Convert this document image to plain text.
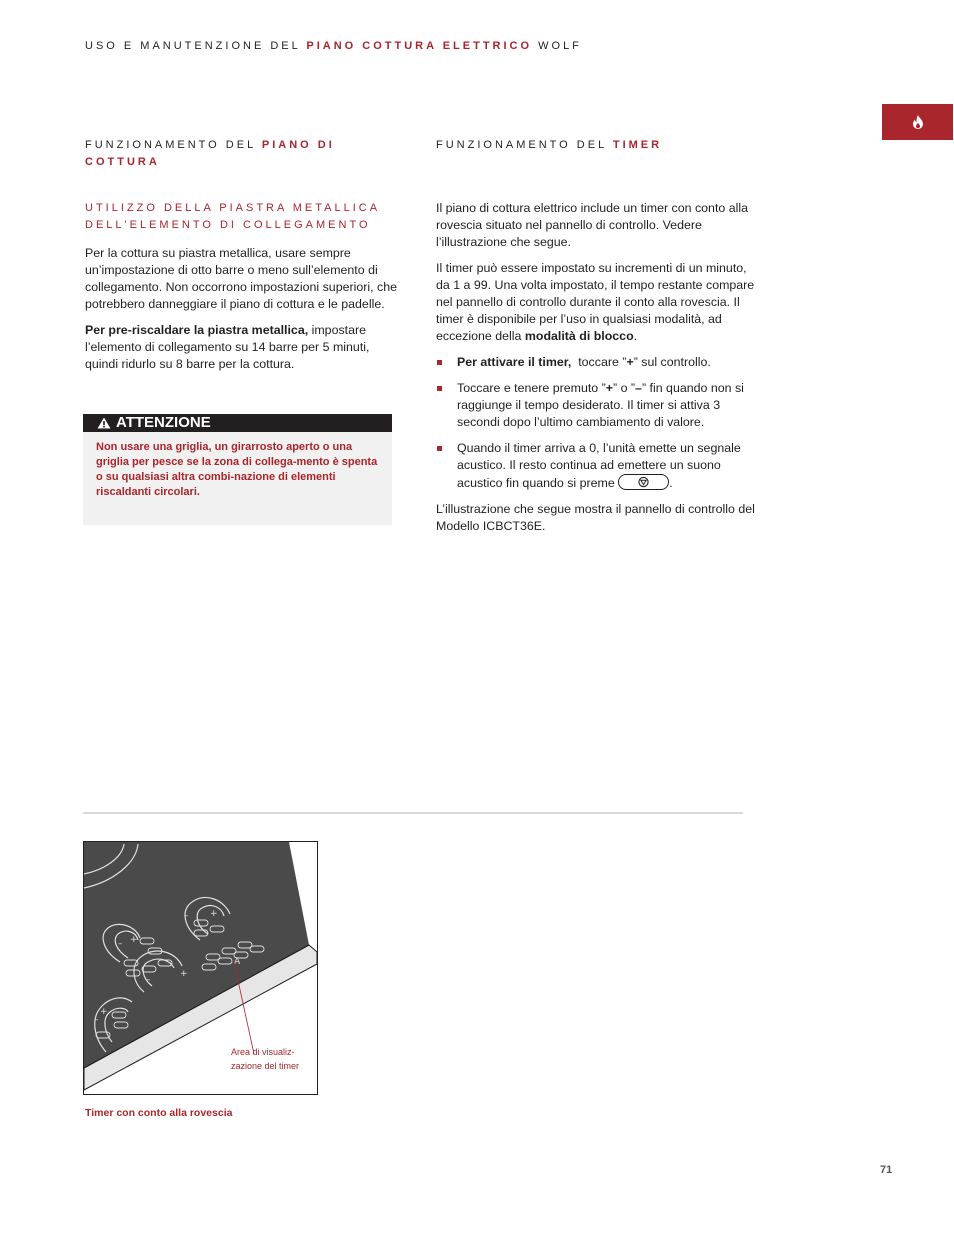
USO E MANUTENZIONE DEL PIANO COTTURA ELETTRICO WOLF
FUNZIONAMENTO DEL PIANO DI
COTTURA
UTILIZZO DELLA PIASTRA METALLICA
DELL'ELEMENTO DI COLLEGAMENTO

Per la cottura su piastra metallica, usare sempre un’impostazione di otto barre o meno sull’elemento di collegamento. Non occorrono impostazioni superiori, che potrebbero danneggiare il piano di cottura e le padelle.

Per pre-riscaldare la piastra metallica, impostare l’elemento di collegamento su 14 barre per 5 minuti, quindi ridurlo su 8 barre per la cottura.

ATTENZIONE
Non usare una griglia, un girarrosto aperto o una griglia per pesce se la zona di collega-mento è spenta o su qualsiasi altra combi-nazione di elementi riscaldanti circolari.
FUNZIONAMENTO DEL TIMER

Il piano di cottura elettrico include un timer con conto alla rovescia situato nel pannello di controllo. Vedere l’illustrazione che segue.

Il timer può essere impostato su incrementi di un minuto, da 1 a 99. Una volta impostato, il tempo restante compare nel pannello di controllo durante il conto alla rovescia. Il timer è disponibile per l’uso in qualsiasi modalità, ad eccezione della modalità di blocco.

Per attivare il timer,  toccare ”+” sul controllo.
Toccare e tenere premuto ”+” o ”–” fin quando non si raggiunge il tempo desiderato. Il timer si attiva 3 secondi dopo l’ultimo cambiamento di valore.
Quando il timer arriva a 0, l’unità emette un segnale acustico. Il resto continua ad emettere un suono acustico fin quando si preme	.

L’illustrazione che segue mostra il pannello di controllo del Modello ICBCT36E.

– +
– +
–
+
–
+
A
Area di visualiz-
zazione del timer
Timer con conto alla rovescia
71
